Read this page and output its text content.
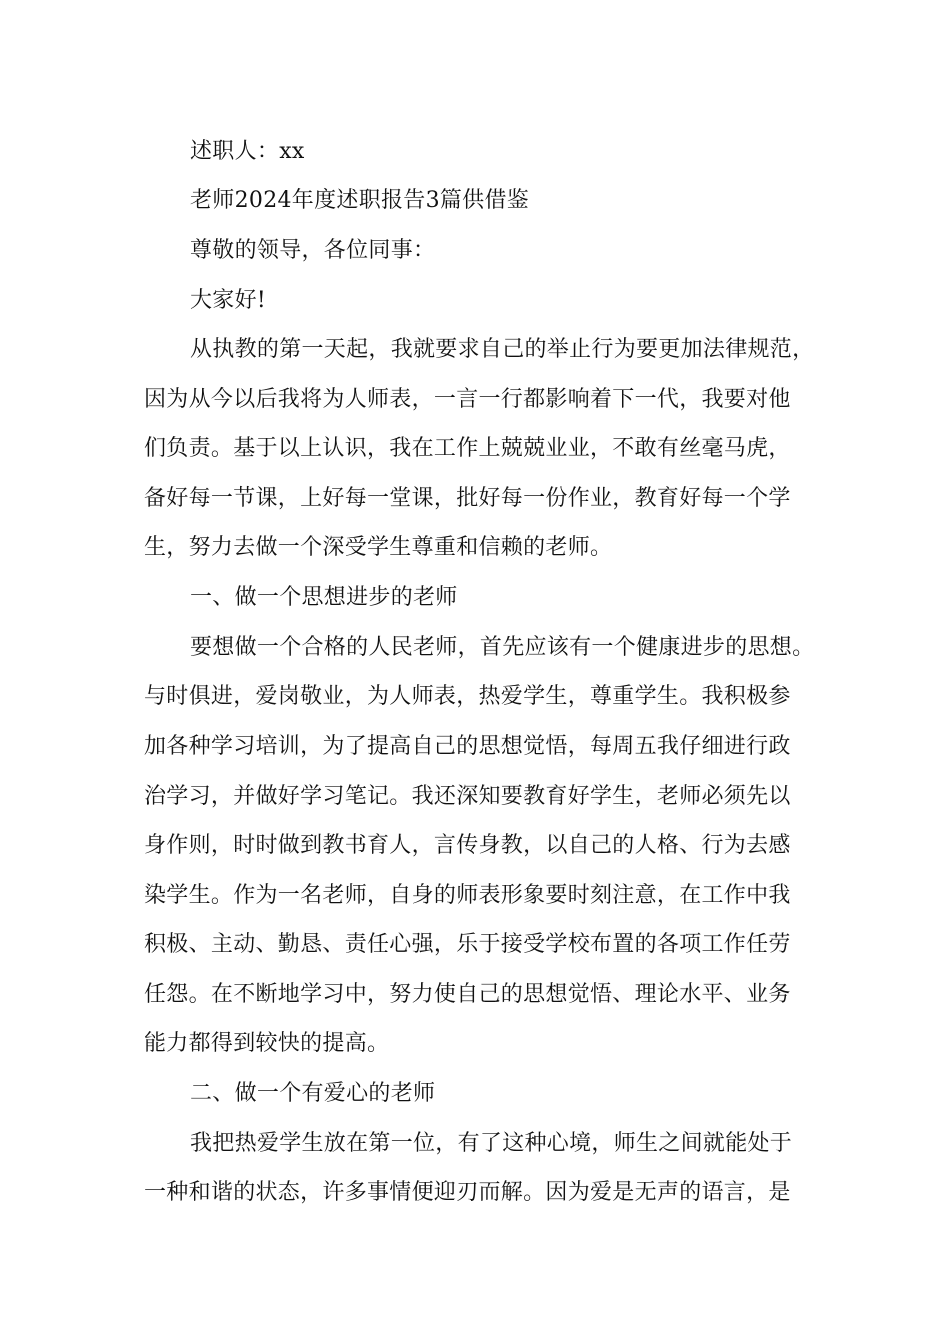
述职人：xx
老师2024年度述职报告3篇供借鉴
尊敬的领导，各位同事：
大家好!
从执教的第一天起，我就要求自己的举止行为要更加法律规范，
因为从今以后我将为人师表，一言一行都影响着下一代，我要对他
们负责。基于以上认识，我在工作上兢兢业业，不敢有丝毫马虎，
备好每一节课，上好每一堂课，批好每一份作业，教育好每一个学
生，努力去做一个深受学生尊重和信赖的老师。
一、做一个思想进步的老师
要想做一个合格的人民老师，首先应该有一个健康进步的思想。
与时俱进，爱岗敬业，为人师表，热爱学生，尊重学生。我积极参
加各种学习培训，为了提高自己的思想觉悟，每周五我仔细进行政
治学习，并做好学习笔记。我还深知要教育好学生，老师必须先以
身作则，时时做到教书育人，言传身教，以自己的人格、行为去感
染学生。作为一名老师，自身的师表形象要时刻注意，在工作中我
积极、主动、勤恳、责任心强，乐于接受学校布置的各项工作任劳
任怨。在不断地学习中，努力使自己的思想觉悟、理论水平、业务
能力都得到较快的提高。
二、做一个有爱心的老师
我把热爱学生放在第一位，有了这种心境，师生之间就能处于
一种和谐的状态，许多事情便迎刃而解。因为爱是无声的语言，是
